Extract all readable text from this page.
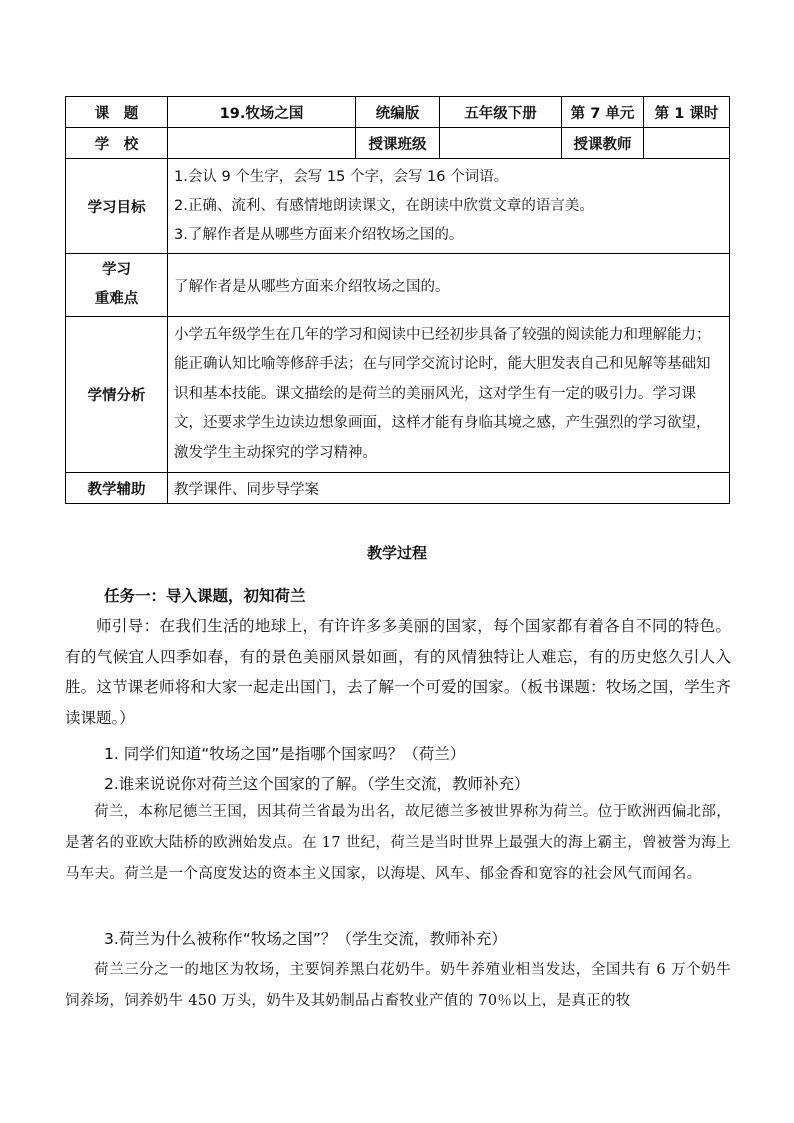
课　题	19.牧场之国	统编版	五年级下册	第 7 单元	第 1 课时
学　校		授课班级		授课教师	
学习目标	1.会认 9 个生字，会写 15 个字，会写 16 个词语。
2.正确、流利、有感情地朗读课文，在朗读中欣赏文章的语言美。
3.了解作者是从哪些方面来介绍牧场之国的。				

学习
重难点	了解作者是从哪些方面来介绍牧场之国的。				
学情分析	小学五年级学生在几年的学习和阅读中已经初步具备了较强的阅读能力和理解能力；能正确认知比喻等修辞手法；在与同学交流讨论时，能大胆发表自己和见解等基础知识和基本技能。课文描绘的是荷兰的美丽风光，这对学生有一定的吸引力。学习课文，还要求学生边读边想象画面，这样才能有身临其境之感，产生强烈的学习欲望，激发学生主动探究的学习精神。				
教学辅助	教学课件、同步导学案				
教学过程
任务一：导入课题，初知荷兰
师引导：在我们生活的地球上，有许许多多美丽的国家，每个国家都有着各自不同的特色。有的气候宜人四季如春，有的景色美丽风景如画，有的风情独特让人难忘，有的历史悠久引人入胜。这节课老师将和大家一起走出国门，去了解一个可爱的国家。（板书课题：牧场之国，学生齐读课题。）
1. 同学们知道“牧场之国”是指哪个国家吗？（荷兰）
2.谁来说说你对荷兰这个国家的了解。（学生交流，教师补充）
荷兰，本称尼德兰王国，因其荷兰省最为出名，故尼德兰多被世界称为荷兰。位于欧洲西偏北部，是著名的亚欧大陆桥的欧洲始发点。在 17 世纪，荷兰是当时世界上最强大的海上霸主，曾被誉为海上马车夫。荷兰是一个高度发达的资本主义国家，以海堤、风车、郁金香和宽容的社会风气而闻名。
3.荷兰为什么被称作“牧场之国”？（学生交流，教师补充）
荷兰三分之一的地区为牧场，主要饲养黑白花奶牛。奶牛养殖业相当发达，全国共有 6 万个奶牛饲养场，饲养奶牛 450 万头，奶牛及其奶制品占畜牧业产值的 70％以上，是真正的牧
